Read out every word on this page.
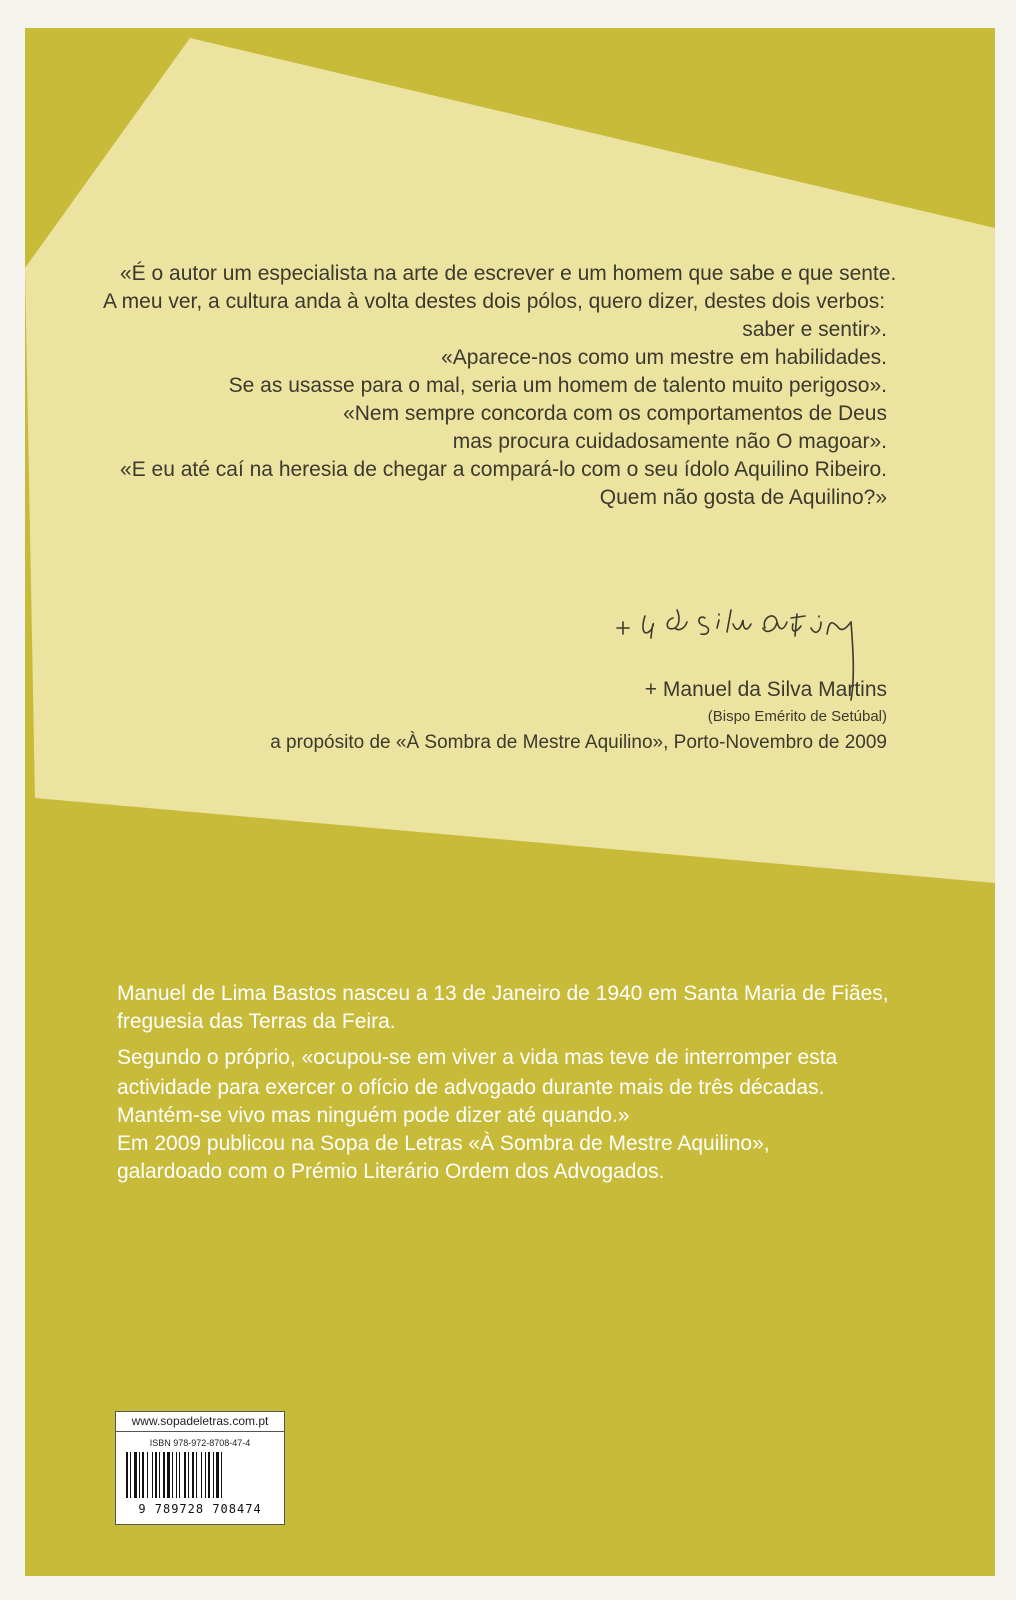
«É o autor um especialista na arte de escrever e um homem que sabe e que sente.
A meu ver, a cultura anda à volta destes dois pólos, quero dizer, destes dois verbos:
saber e sentir».
«Aparece-nos como um mestre em habilidades.
Se as usasse para o mal, seria um homem de talento muito perigoso».
«Nem sempre concorda com os comportamentos de Deus
mas procura cuidadosamente não O magoar».
«E eu até caí na heresia de chegar a compará-lo com o seu ídolo Aquilino Ribeiro.
Quem não gosta de Aquilino?»
+ Manuel da Silva Martins
(Bispo Emérito de Setúbal)
a propósito de «À Sombra de Mestre Aquilino», Porto-Novembro de 2009
Manuel de Lima Bastos nasceu a 13 de Janeiro de 1940 em Santa Maria de Fiães,
freguesia das Terras da Feira.
Segundo o próprio, «ocupou-se em viver a vida mas teve de interromper esta
actividade para exercer o ofício de advogado durante mais de três décadas.
Mantém-se vivo mas ninguém pode dizer até quando.»
Em 2009 publicou na Sopa de Letras «À Sombra de Mestre Aquilino»,
galardoado com o Prémio Literário Ordem dos Advogados.
www.sopadeletras.com.pt
ISBN 978-972-8708-47-4
9 789728 708474
